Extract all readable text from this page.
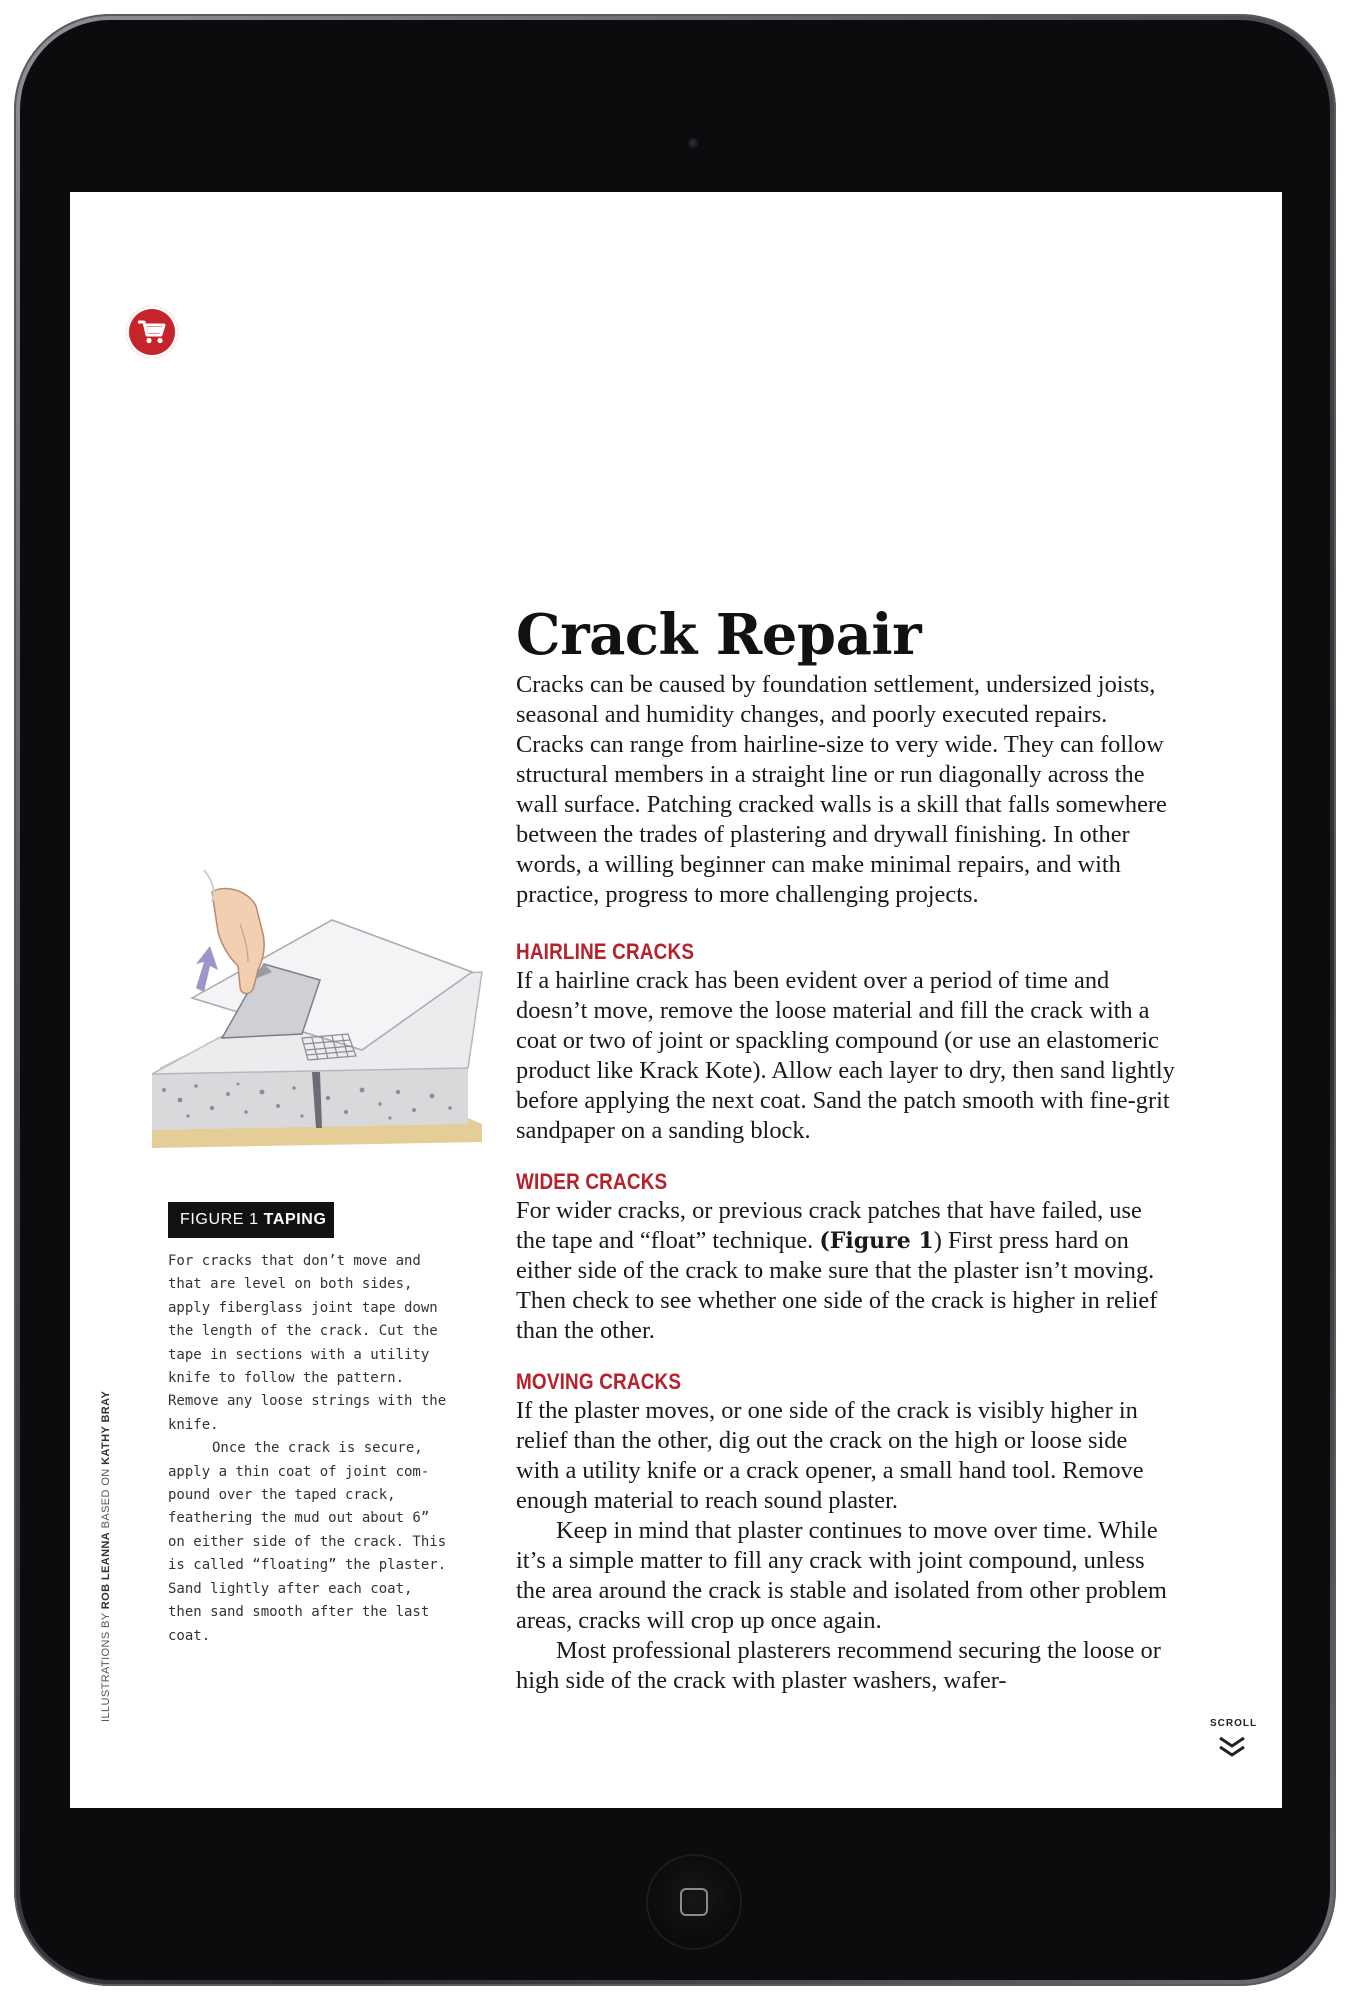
Crack Repair

Cracks can be caused by foundation settlement, undersized joists, seasonal and humidity changes, and poorly executed repairs. Cracks can range from hairline-size to very wide. They can follow structural members in a straight line or run diagonally across the wall surface. Patching cracked walls is a skill that falls somewhere between the trades of plastering and drywall finishing. In other words, a willing beginner can make minimal repairs, and with practice, progress to more challenging projects.

HAIRLINE CRACKS

If a hairline crack has been evident over a period of time and doesn’t move, remove the loose material and fill the crack with a coat or two of joint or spackling compound (or use an elastomeric product like Krack Kote). Allow each layer to dry, then sand lightly before applying the next coat. Sand the patch smooth with fine-grit sandpaper on a sanding block.

WIDER CRACKS

For wider cracks, or previous crack patches that have failed, use the tape and “float” technique. (Figure 1) First press hard on either side of the crack to make sure that the plaster isn’t moving. Then check to see whether one side of the crack is higher in relief than the other.

MOVING CRACKS

If the plaster moves, or one side of the crack is visibly higher in relief than the other, dig out the crack on the high or loose side with a utility knife or a crack opener, a small hand tool. Remove enough material to reach sound plaster.

Keep in mind that plaster continues to move over time. While it’s a simple matter to fill any crack with joint compound, unless the area around the crack is stable and isolated from other problem areas, cracks will crop up once again.

Most professional plasterers recommend securing the loose or high side of the crack with plaster washers, wafer-

FIGURE 1 TAPING

For cracks that don’t move and that are level on both sides, apply fiberglass joint tape down the length of the crack. Cut the tape in sections with a utility knife to follow the pattern. Remove any loose strings with the knife.

Once the crack is secure, apply a thin coat of joint compound over the taped crack, feathering the mud out about 6” on either side of the crack. This is called “floating” the plaster. Sand lightly after each coat, then sand smooth after the last coat.

ILLUSTRATIONS BY ROB LEANNA BASED ON KATHY BRAY
SCROLL
